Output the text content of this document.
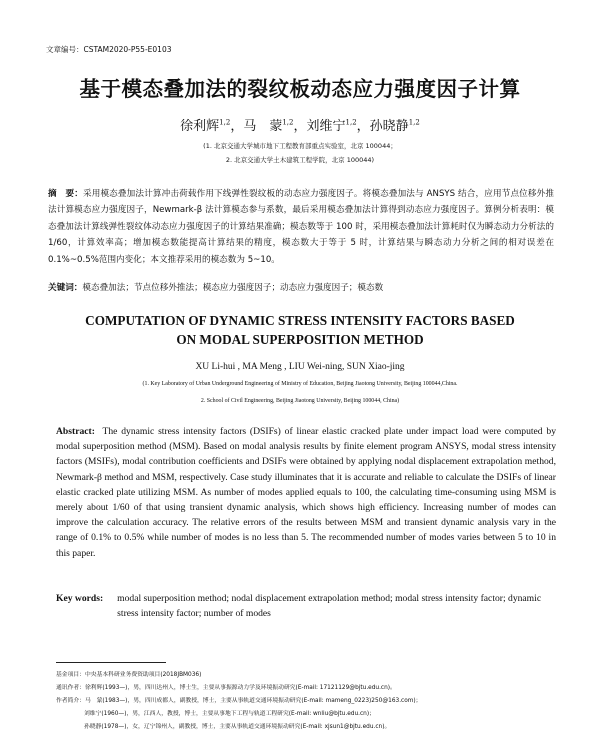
文章编号：CSTAM2020-P55-E0103
基于模态叠加法的裂纹板动态应力强度因子计算
徐利辉$^{1,2}$，马　蒙$^{1,2}$，刘维宁$^{1,2}$，孙晓静$^{1,2}$
(1. 北京交通大学城市地下工程教育部重点实验室，北京 100044；
2. 北京交通大学土木建筑工程学院，北京 100044)
摘　要：采用模态叠加法计算冲击荷载作用下线弹性裂纹板的动态应力强度因子。将模态叠加法与 ANSYS 结合，应用节点位移外推法计算模态应力强度因子，Newmark-β 法计算模态参与系数，最后采用模态叠加法计算得到动态应力强度因子。算例分析表明：模态叠加法计算线弹性裂纹体动态应力强度因子的计算结果准确；模态数等于 100 时，采用模态叠加法计算耗时仅为瞬态动力分析法的 1/60，计算效率高；增加模态数能提高计算结果的精度，模态数大于等于 5 时，计算结果与瞬态动力分析之间的相对误差在 0.1%~0.5%范围内变化；本文推荐采用的模态数为 5~10。
关键词：模态叠加法；节点位移外推法；模态应力强度因子；动态应力强度因子；模态数
COMPUTATION OF DYNAMIC STRESS INTENSITY FACTORS BASED
ON MODAL SUPERPOSITION METHOD
XU Li-hui , MA Meng , LIU Wei-ning, SUN Xiao-jing
(1. Key Laboratory of Urban Underground Engineering of Ministry of Education, Beijing Jiaotong University, Beijing 100044,China.
2. School of Civil Engineering, Beijing Jiaotong University, Beijing 100044, China)
Abstract: The dynamic stress intensity factors (DSIFs) of linear elastic cracked plate under impact load were computed by modal superposition method (MSM). Based on modal analysis results by finite element program ANSYS, modal stress intensity factors (MSIFs), modal contribution coefficients and DSIFs were obtained by applying nodal displacement extrapolation method, Newmark-β method and MSM, respectively. Case study illuminates that it is accurate and reliable to calculate the DSIFs of linear elastic cracked plate utilizing MSM. As number of modes applied equals to 100, the calculating time-consuming using MSM is merely about 1/60 of that using transient dynamic analysis, which shows high efficiency. Increasing number of modes can improve the calculation accuracy. The relative errors of the results between MSM and transient dynamic analysis vary in the range of 0.1% to 0.5% while number of modes is no less than 5. The recommended number of modes varies between 5 to 10 in this paper.
Key words: modal superposition method; nodal displacement extrapolation method; modal stress intensity factor; dynamic stress intensity factor; number of modes
基金项目：中央基本科研业务费资助项目(2018JBM036)
通讯作者：徐利辉(1993—)，男，四川达州人，博士生，主要从事振源动力学及环境振动研究(E-mail: 17121129@bjtu.edu.cn)。
作者简介：马　蒙(1983—)，男，四川成都人，副教授，博士，主要从事轨道交通环境振动研究(E-mail: mameng_0223)250@163.com)；
刘维宁(1960—)，男，江西人，教授，博士，主要从事地下工程与轨道工程研究(E-mail: wnliu@bjtu.edu.cn)；
孙晓静(1978—)，女，辽宁锦州人，副教授，博士，主要从事轨道交通环境振动研究(E-mail: xjsun1@bjtu.edu.cn)。
